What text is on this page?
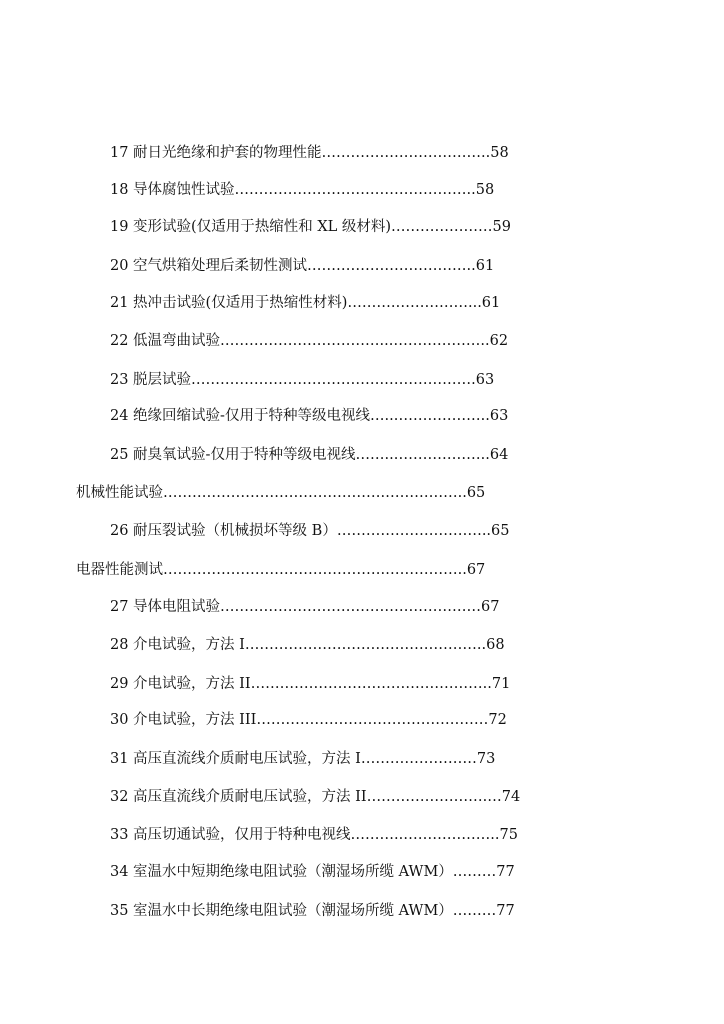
17 耐日光绝缘和护套的物理性能……………………………..58
18 导体腐蚀性试验…………………………………………..58
19 变形试验(仅适用于热缩性和 XL 级材料)…………………59
20 空气烘箱处理后柔韧性测试……………………………..61
21 热冲击试验(仅适用于热缩性材料)……….……………...61
22 低温弯曲试验……………………………...………………..62
23 脱层试验………………………………….……………….63
24 绝缘回缩试验-仅用于特种等级电视线…..………………..63
25 耐臭氧试验-仅用于特种等级电视线……..………………..64
机械性能试验……………………………………….……………..65
26 耐压裂试验（机械损坏等级 B）…………………………..65
电器性能测试……………………………………….……………..67
27 导体电阻试验………………………………………………67
28 介电试验，方法 I…………………………………………..68
29 介电试验，方法 II…………………………………………..71
30 介电试验，方法 III…………………………………………72
31 高压直流线介质耐电压试验，方法 I……………………73
32 高压直流线介质耐电压试验，方法 II…………………….…74
33 高压切通试验，仅用于特种电视线………..………………..75
34 室温水中短期绝缘电阻试验（潮湿场所缆 AWM）………77
35 室温水中长期绝缘电阻试验（潮湿场所缆 AWM）………77
